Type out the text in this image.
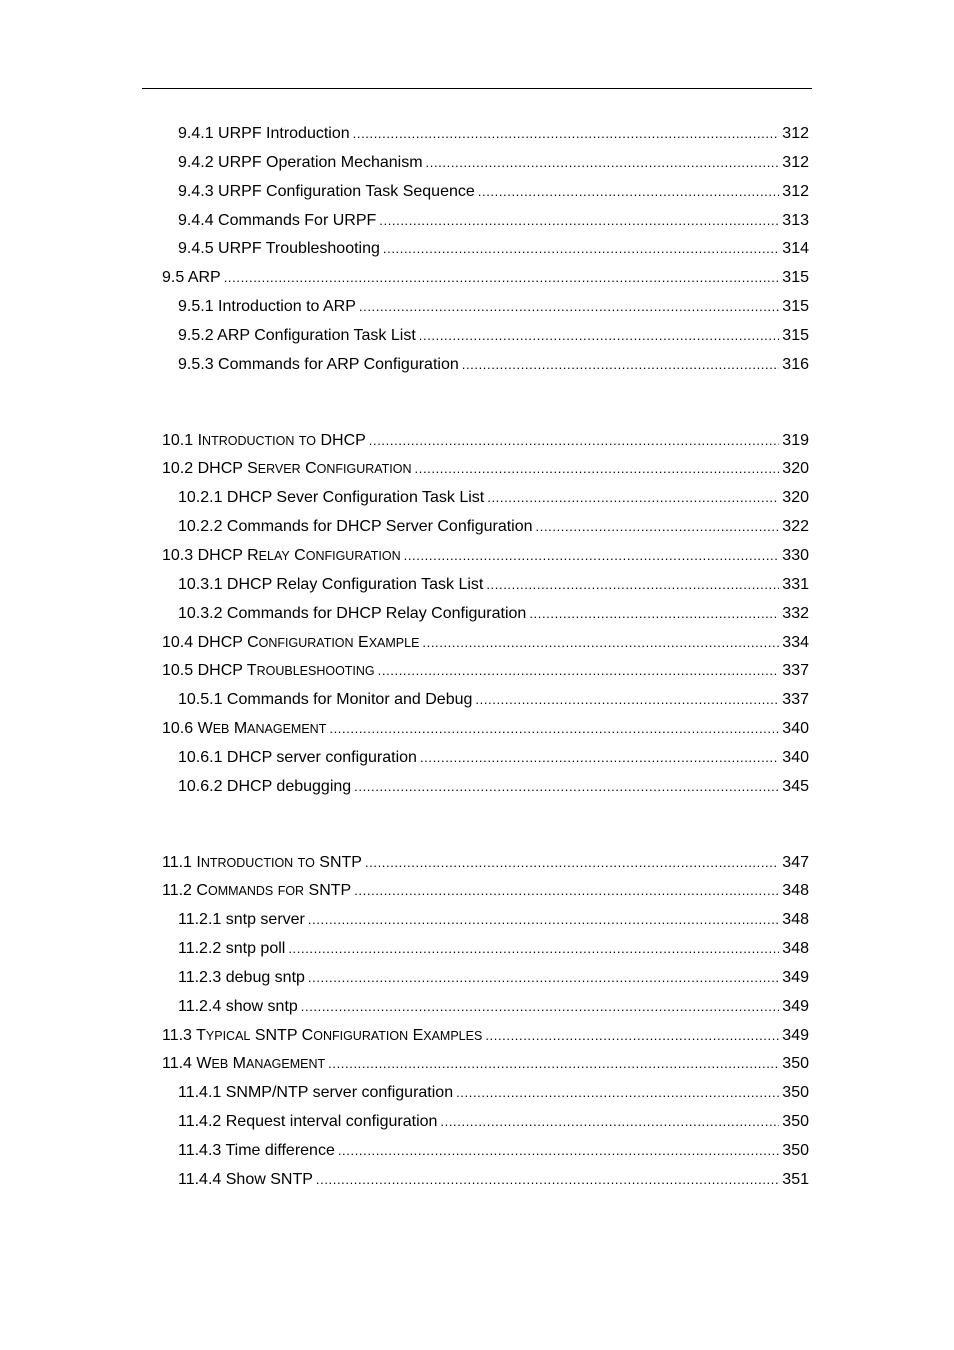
9.4.1 URPF Introduction .....	312
9.4.2 URPF Operation Mechanism .....	312
9.4.3 URPF Configuration Task Sequence .....	312
9.4.4 Commands For URPF .....	313
9.4.5 URPF Troubleshooting .....	314
9.5 ARP .....	315
9.5.1 Introduction to ARP .....	315
9.5.2 ARP Configuration Task List .....	315
9.5.3 Commands for ARP Configuration .....	316
10.1 INTRODUCTION TO DHCP .....	319
10.2 DHCP SERVER CONFIGURATION .....	320
10.2.1 DHCP Sever Configuration Task List .....	320
10.2.2 Commands for DHCP Server Configuration .....	322
10.3 DHCP RELAY CONFIGURATION .....	330
10.3.1 DHCP Relay Configuration Task List .....	331
10.3.2 Commands for DHCP Relay Configuration .....	332
10.4 DHCP CONFIGURATION EXAMPLE .....	334
10.5 DHCP TROUBLESHOOTING .....	337
10.5.1 Commands for Monitor and Debug .....	337
10.6 WEB MANAGEMENT .....	340
10.6.1 DHCP server configuration .....	340
10.6.2 DHCP debugging .....	345
11.1 INTRODUCTION TO SNTP .....	347
11.2 COMMANDS FOR SNTP .....	348
11.2.1 sntp server .....	348
11.2.2 sntp poll .....	348
11.2.3 debug sntp .....	349
11.2.4 show sntp .....	349
11.3 TYPICAL SNTP CONFIGURATION EXAMPLES .....	349
11.4 WEB MANAGEMENT .....	350
11.4.1 SNMP/NTP server configuration .....	350
11.4.2 Request interval configuration .....	350
11.4.3 Time difference .....	350
11.4.4 Show SNTP .....	351
